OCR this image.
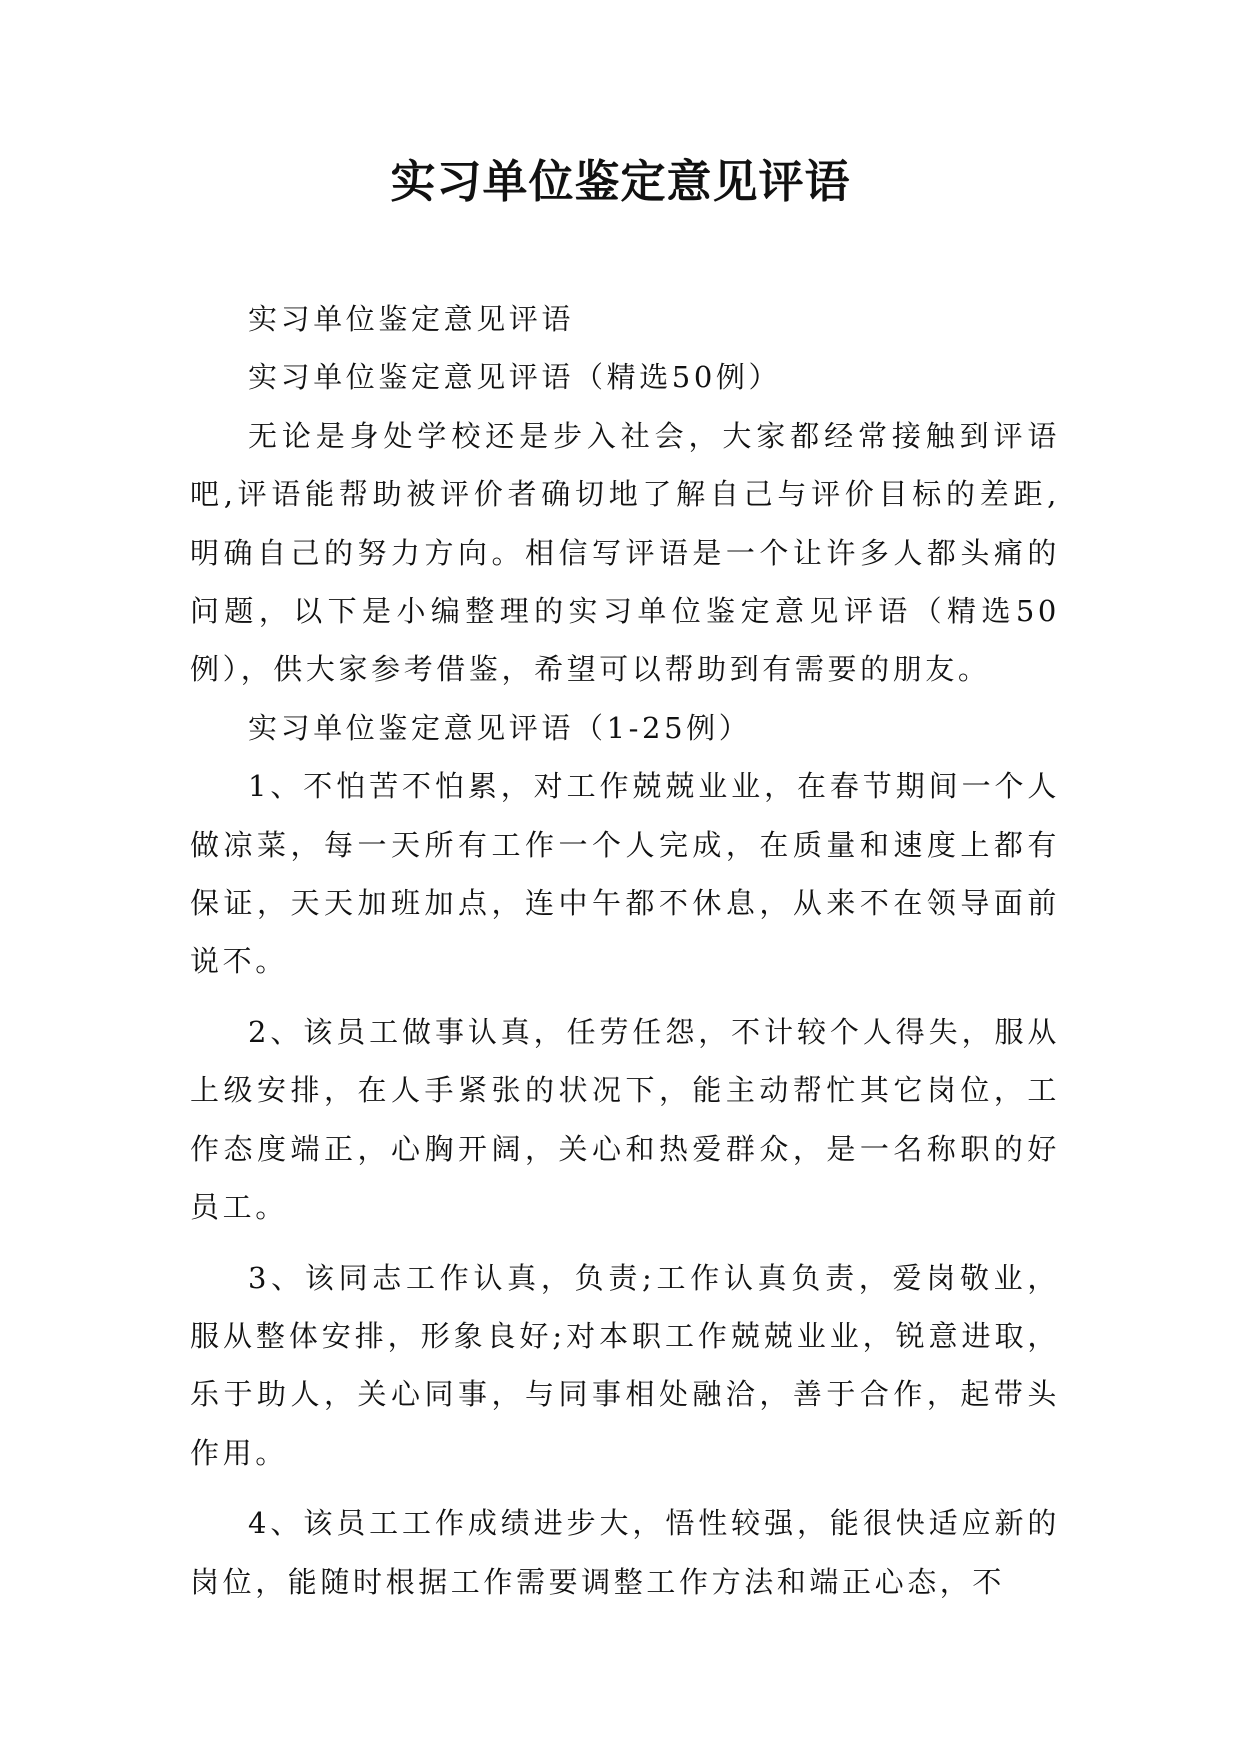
实习单位鉴定意见评语

实习单位鉴定意见评语

实习单位鉴定意见评语（精选50例）

无论是身处学校还是步入社会，大家都经常接触到评语吧,评语能帮助被评价者确切地了解自己与评价目标的差距,明确自己的努力方向。相信写评语是一个让许多人都头痛的问题，以下是小编整理的实习单位鉴定意见评语（精选50例），供大家参考借鉴，希望可以帮助到有需要的朋友。

实习单位鉴定意见评语（1-25例）

1、不怕苦不怕累，对工作兢兢业业，在春节期间一个人做凉菜，每一天所有工作一个人完成，在质量和速度上都有保证，天天加班加点，连中午都不休息，从来不在领导面前说不。

2、该员工做事认真，任劳任怨，不计较个人得失，服从上级安排，在人手紧张的状况下，能主动帮忙其它岗位，工作态度端正，心胸开阔，关心和热爱群众，是一名称职的好员工。

3、该同志工作认真，负责;工作认真负责，爱岗敬业，服从整体安排，形象良好;对本职工作兢兢业业，锐意进取，乐于助人，关心同事，与同事相处融洽，善于合作，起带头作用。

4、该员工工作成绩进步大，悟性较强，能很快适应新的岗位，能随时根据工作需要调整工作方法和端正心态，不
